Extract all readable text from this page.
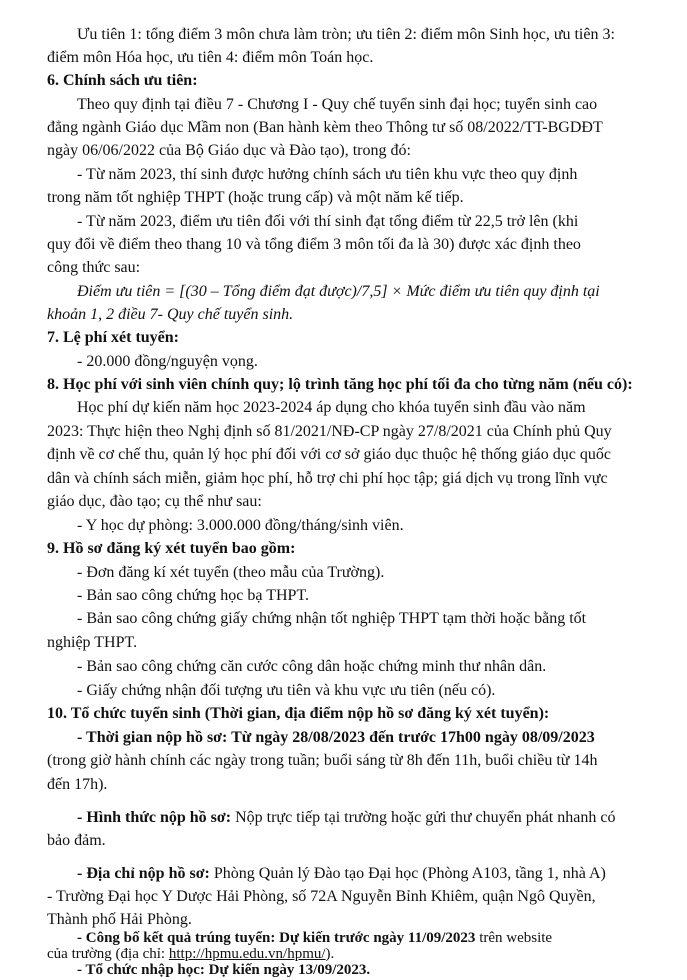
Ưu tiên 1: tổng điểm 3 môn chưa làm tròn; ưu tiên 2: điểm môn Sinh học, ưu tiên 3:
điểm môn Hóa học, ưu tiên 4: điểm môn Toán học.
6. Chính sách ưu tiên:
Theo quy định tại điều 7 - Chương I - Quy chế tuyển sinh đại học; tuyển sinh cao
đẳng ngành Giáo dục Mầm non (Ban hành kèm theo Thông tư số 08/2022/TT-BGDĐT
ngày 06/06/2022 của Bộ Giáo dục và Đào tạo), trong đó:
- Từ năm 2023, thí sinh được hưởng chính sách ưu tiên khu vực theo quy định
trong năm tốt nghiệp THPT (hoặc trung cấp) và một năm kế tiếp.
- Từ năm 2023, điểm ưu tiên đối với thí sinh đạt tổng điểm từ 22,5 trở lên (khi
quy đổi về điểm theo thang 10 và tổng điểm 3 môn tối đa là 30) được xác định theo
công thức sau:
Điểm ưu tiên = [(30 – Tổng điểm đạt được)/7,5] × Mức điểm ưu tiên quy định tại
khoản 1, 2 điều 7- Quy chế tuyển sinh.
7. Lệ phí xét tuyển:
- 20.000 đồng/nguyện vọng.
8. Học phí với sinh viên chính quy; lộ trình tăng học phí tối đa cho từng năm (nếu có):
Học phí dự kiến năm học 2023-2024 áp dụng cho khóa tuyển sinh đầu vào năm
2023: Thực hiện theo Nghị định số 81/2021/NĐ-CP ngày 27/8/2021 của Chính phủ Quy
định về cơ chế thu, quản lý học phí đối với cơ sở giáo dục thuộc hệ thống giáo dục quốc
dân và chính sách miễn, giảm học phí, hỗ trợ chi phí học tập; giá dịch vụ trong lĩnh vực
giáo dục, đào tạo; cụ thể như sau:
- Y học dự phòng: 3.000.000 đồng/tháng/sinh viên.
9. Hồ sơ đăng ký xét tuyển bao gồm:
- Đơn đăng kí xét tuyển (theo mẫu của Trường).
- Bản sao công chứng học bạ THPT.
- Bản sao công chứng giấy chứng nhận tốt nghiệp THPT tạm thời hoặc bằng tốt
nghiệp THPT.
- Bản sao công chứng căn cước công dân hoặc chứng minh thư nhân dân.
- Giấy chứng nhận đối tượng ưu tiên và khu vực ưu tiên (nếu có).
10. Tổ chức tuyển sinh (Thời gian, địa điểm nộp hồ sơ đăng ký xét tuyển):
- Thời gian nộp hồ sơ: Từ ngày 28/08/2023 đến trước 17h00 ngày 08/09/2023
(trong giờ hành chính các ngày trong tuần; buổi sáng từ 8h đến 11h, buổi chiều từ 14h
đến 17h).
- Hình thức nộp hồ sơ: Nộp trực tiếp tại trường hoặc gửi thư chuyển phát nhanh có
bảo đảm.
- Địa chỉ nộp hồ sơ: Phòng Quản lý Đào tạo Đại học (Phòng A103, tầng 1, nhà A)
- Trường Đại học Y Dược Hải Phòng, số 72A Nguyễn Bỉnh Khiêm, quận Ngô Quyền,
Thành phố Hải Phòng.
- Công bố kết quả trúng tuyển: Dự kiến trước ngày 11/09/2023 trên website
của trường (địa chỉ: http://hpmu.edu.vn/hpmu/).
- Tổ chức nhập học: Dự kiến ngày 13/09/2023.
